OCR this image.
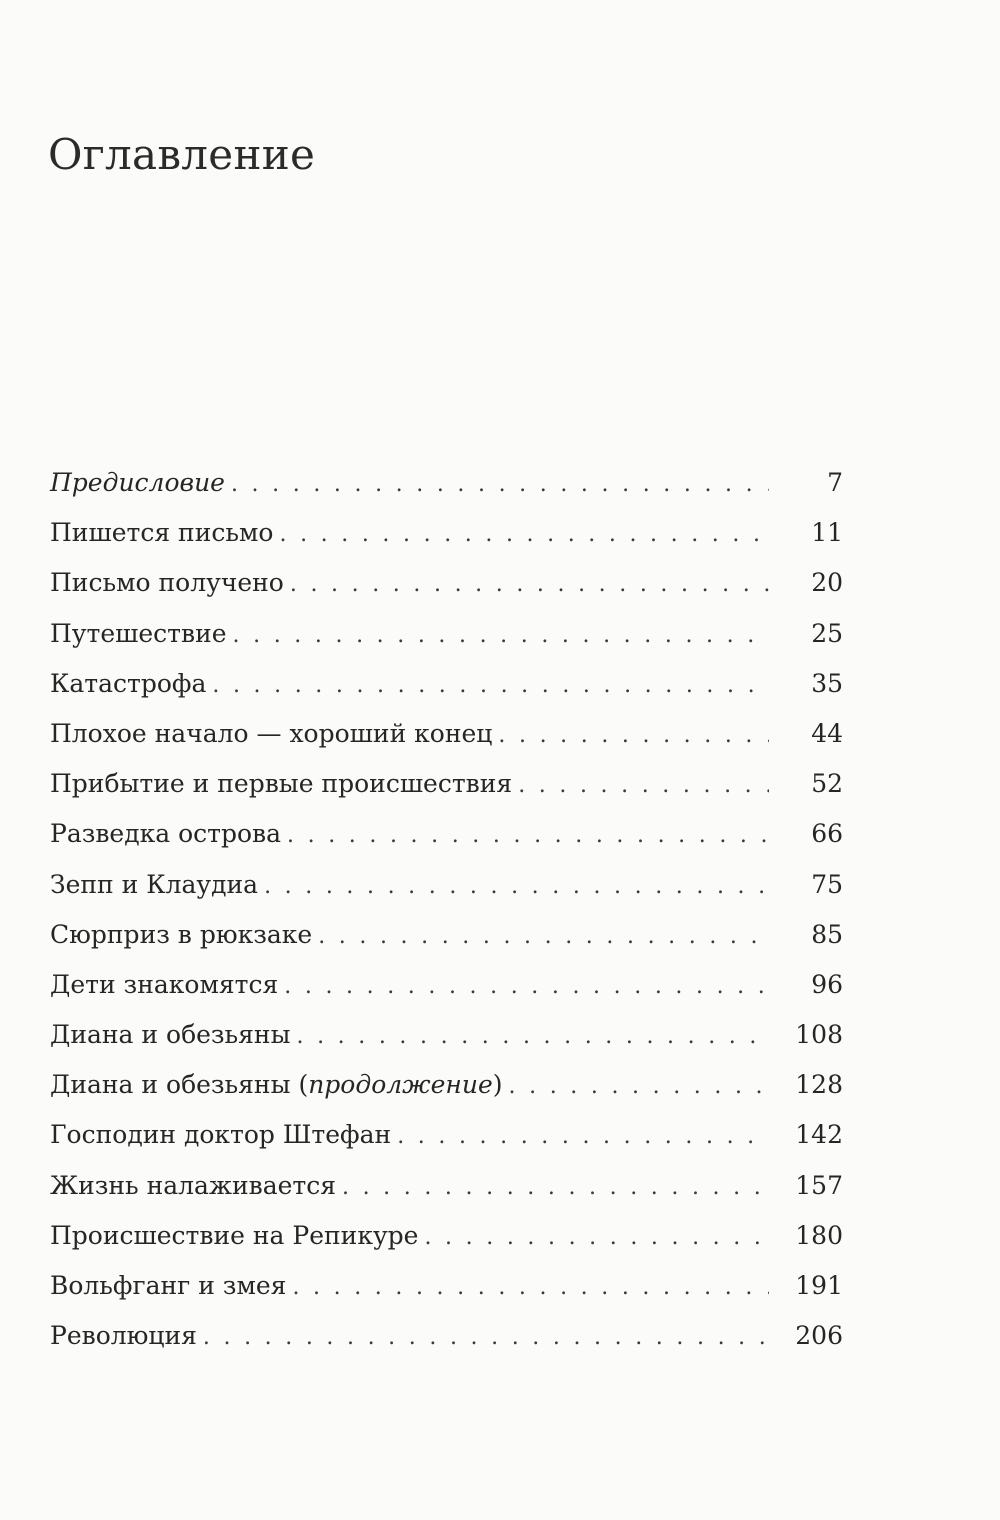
Оглавление
Предисловие . . .	7
Пишется письмо . . .	11
Письмо получено . . .	20
Путешествие . . .	25
Катастрофа . . .	35
Плохое начало — хороший конец . . .	44
Прибытие и первые происшествия . . .	52
Разведка острова . . .	66
Зепп и Клаудиа . . .	75
Сюрприз в рюкзаке . . .	85
Дети знакомятся . . .	96
Диана и обезьяны . . .	108
Диана и обезьяны (продолжение) . . .	128
Господин доктор Штефан . . .	142
Жизнь налаживается . . .	157
Происшествие на Репикуре . . .	180
Вольфганг и змея . . .	191
Революция . . .	206
